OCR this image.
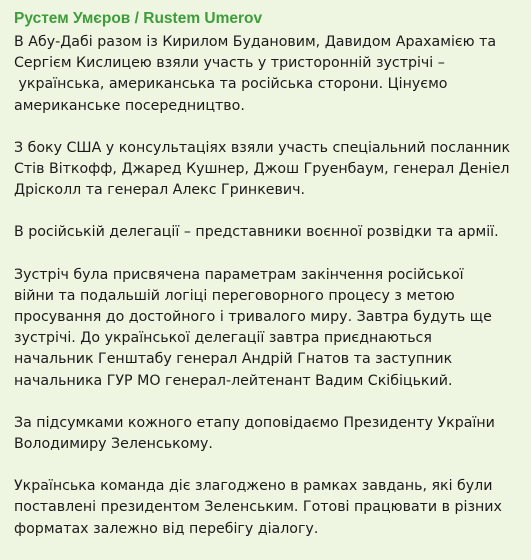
Рустем Умєров / Rustem Umerov
В Абу-Дабі разом із Кирилом Будановим, Давидом Арахамією та
Сергієм Кислицею взяли участь у тристоронній зустрічі –
українська, американська та російська сторони. Цінуємо
американське посередництво.
З боку США у консультаціях взяли участь спеціальний посланник
Стів Віткофф, Джаред Кушнер, Джош Груенбаум, генерал Деніел
Дрісколл та генерал Алекс Гринкевич.
В російській делегації – представники воєнної розвідки та армії.
Зустріч була присвячена параметрам закінчення російської
війни та подальшій логіці переговорного процесу з метою
просування до достойного і тривалого миру. Завтра будуть ще
зустрічі. До української делегації завтра приєднаються
начальник Генштабу генерал Андрій Гнатов та заступник
начальника ГУР МО генерал-лейтенант Вадим Скібіцький.
За підсумками кожного етапу доповідаємо Президенту України
Володимиру Зеленському.
Українська команда діє злагоджено в рамках завдань, які були
поставлені президентом Зеленським. Готові працювати в різних
форматах залежно від перебігу діалогу.
